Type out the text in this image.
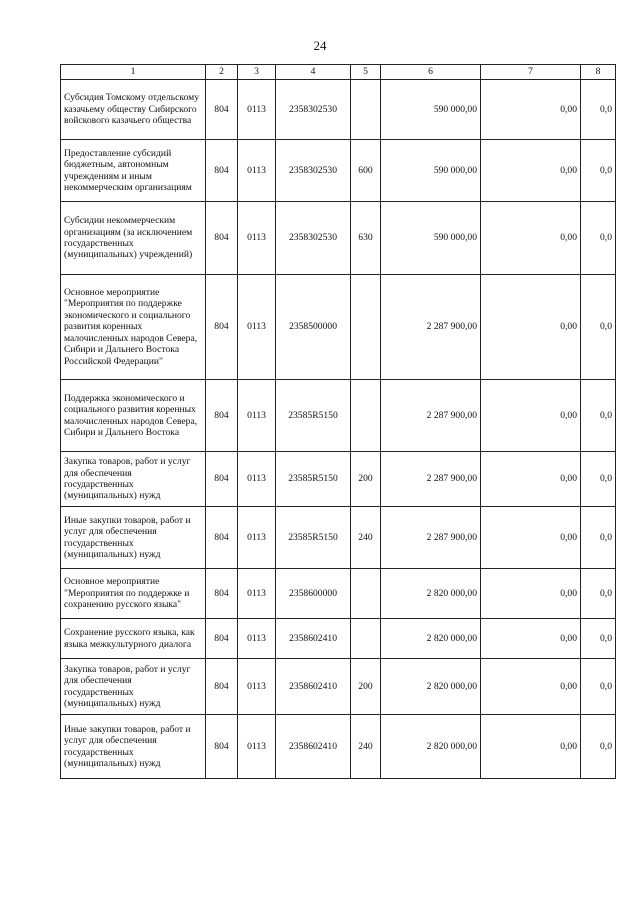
24
1	2	3	4	5	6	7	8
Субсидия Томскому отдельскому казачьему обществу Сибирского войскового казачьего общества	804	0113	2358302530		590 000,00	0,00	0,0
Предоставление субсидий бюджетным, автономным учреждениям и иным некоммерческим организациям	804	0113	2358302530	600	590 000,00	0,00	0,0
Субсидии некоммерческим организациям (за исключением государственных (муниципальных) учреждений)	804	0113	2358302530	630	590 000,00	0,00	0,0
Основное мероприятие "Мероприятия по поддержке экономического и социального развития коренных малочисленных народов Севера, Сибири и Дальнего Востока Российской Федерации"	804	0113	2358500000		2 287 900,00	0,00	0,0
Поддержка экономического и социального развития коренных малочисленных народов Севера, Сибири и Дальнего Востока	804	0113	23585R5150		2 287 900,00	0,00	0,0
Закупка товаров, работ и услуг для обеспечения государственных (муниципальных) нужд	804	0113	23585R5150	200	2 287 900,00	0,00	0,0
Иные закупки товаров, работ и услуг для обеспечения государственных (муниципальных) нужд	804	0113	23585R5150	240	2 287 900,00	0,00	0,0
Основное мероприятие "Мероприятия по поддержке и сохранению русского языка"	804	0113	2358600000		2 820 000,00	0,00	0,0
Сохранение русского языка, как языка межкультурного диалога	804	0113	2358602410		2 820 000,00	0,00	0,0
Закупка товаров, работ и услуг для обеспечения государственных (муниципальных) нужд	804	0113	2358602410	200	2 820 000,00	0,00	0,0
Иные закупки товаров, работ и услуг для обеспечения государственных (муниципальных) нужд	804	0113	2358602410	240	2 820 000,00	0,00	0,0
